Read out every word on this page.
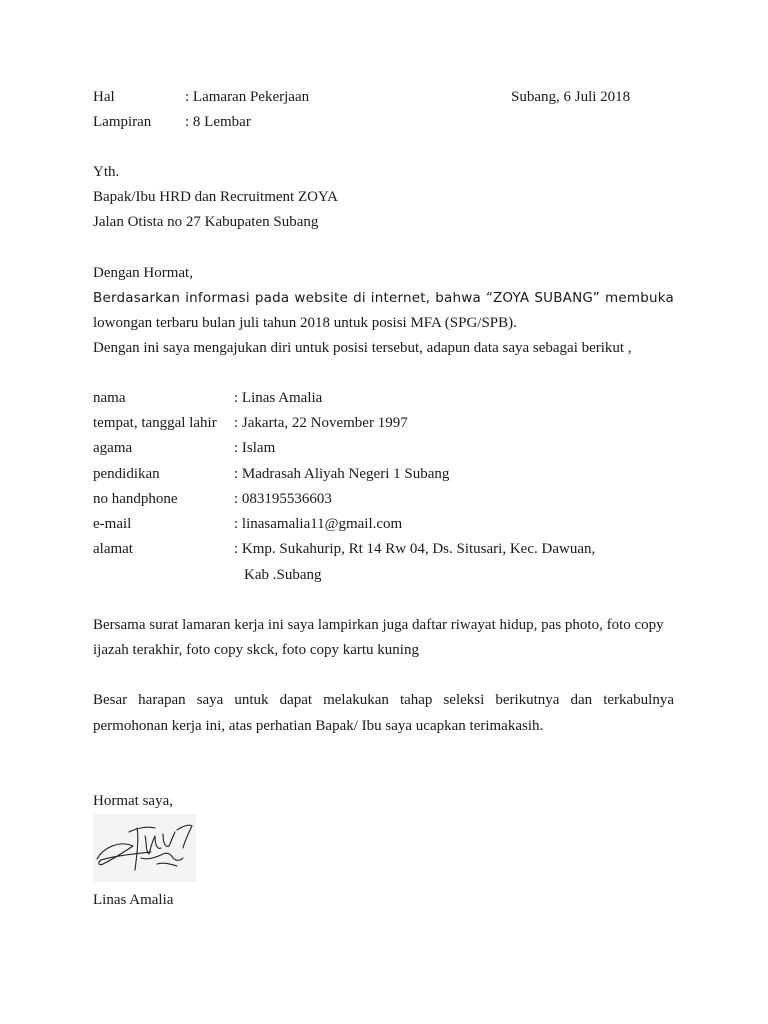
Hal	: Lamaran Pekerjaan	Subang, 6 Juli 2018
Lampiran : 8 Lembar
Yth.
Bapak/Ibu HRD dan Recruitment ZOYA
Jalan Otista no 27 Kabupaten Subang
Dengan Hormat,
Berdasarkan informasi pada website di internet, bahwa “ZOYA SUBANG” membuka
lowongan terbaru bulan juli tahun 2018 untuk posisi MFA (SPG/SPB).
Dengan ini saya mengajukan diri untuk posisi tersebut, adapun data saya sebagai berikut ,
nama	: Linas Amalia
tempat, tanggal lahir : Jakarta, 22 November 1997
agama	: Islam
pendidikan	: Madrasah Aliyah Negeri 1 Subang
no handphone	: 083195536603
e-mail	: linasamalia11@gmail.com
alamat	: Kmp. Sukahurip, Rt 14 Rw 04, Ds. Situsari, Kec. Dawuan,
Kab .Subang
Bersama surat lamaran kerja ini saya lampirkan juga daftar riwayat hidup, pas photo, foto copy
ijazah terakhir, foto copy skck, foto copy kartu kuning
Besar harapan saya untuk dapat melakukan tahap seleksi berikutnya dan terkabulnya
permohonan kerja ini, atas perhatian Bapak/ Ibu saya ucapkan terimakasih.
Hormat saya,
Linas Amalia
